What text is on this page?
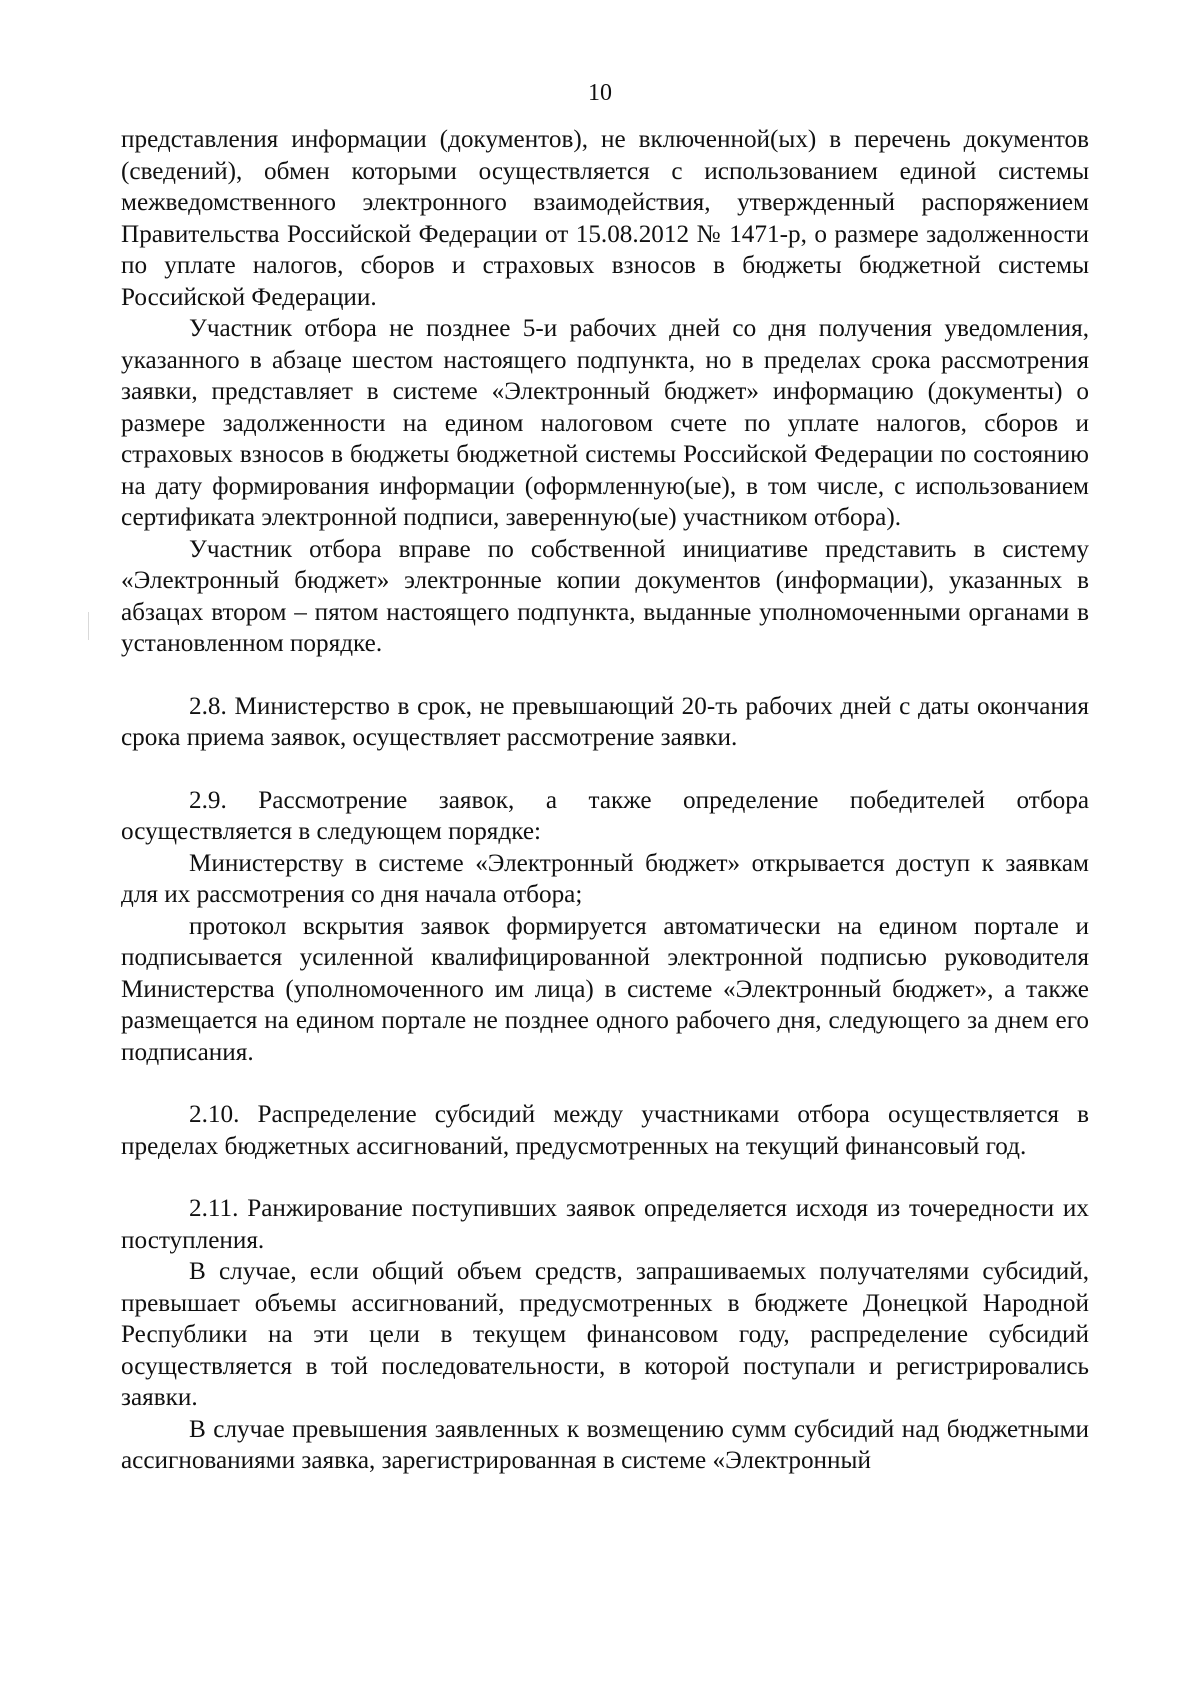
10

представления информации (документов), не включенной(ых) в перечень документов (сведений), обмен которыми осуществляется с использованием единой системы межведомственного электронного взаимодействия, утвержденный распоряжением Правительства Российской Федерации от 15.08.2012 № 1471-р, о размере задолженности по уплате налогов, сборов и страховых взносов в бюджеты бюджетной системы Российской Федерации.

Участник отбора не позднее 5-и рабочих дней со дня получения уведомления, указанного в абзаце шестом настоящего подпункта, но в пределах срока рассмотрения заявки, представляет в системе «Электронный бюджет» информацию (документы) о размере задолженности на едином налоговом счете по уплате налогов, сборов и страховых взносов в бюджеты бюджетной системы Российской Федерации по состоянию на дату формирования информации (оформленную(ые), в том числе, с использованием сертификата электронной подписи, заверенную(ые) участником отбора).

Участник отбора вправе по собственной инициативе представить в систему «Электронный бюджет» электронные копии документов (информации), указанных в абзацах втором – пятом настоящего подпункта, выданные уполномоченными органами в установленном порядке.

2.8. Министерство в срок, не превышающий 20-ть рабочих дней с даты окончания срока приема заявок, осуществляет рассмотрение заявки.

2.9. Рассмотрение заявок, а также определение победителей отбора осуществляется в следующем порядке:

Министерству в системе «Электронный бюджет» открывается доступ к заявкам для их рассмотрения со дня начала отбора;

протокол вскрытия заявок формируется автоматически на едином портале и подписывается усиленной квалифицированной электронной подписью руководителя Министерства (уполномоченного им лица) в системе «Электронный бюджет», а также размещается на едином портале не позднее одного рабочего дня, следующего за днем его подписания.

2.10. Распределение субсидий между участниками отбора осуществляется в пределах бюджетных ассигнований, предусмотренных на текущий финансовый год.

2.11. Ранжирование поступивших заявок определяется исходя из точередности их поступления.

В случае, если общий объем средств, запрашиваемых получателями субсидий, превышает объемы ассигнований, предусмотренных в бюджете Донецкой Народной Республики на эти цели в текущем финансовом году, распределение субсидий осуществляется в той последовательности, в которой поступали и регистрировались заявки.

В случае превышения заявленных к возмещению сумм субсидий над бюджетными ассигнованиями заявка, зарегистрированная в системе «Электронный
